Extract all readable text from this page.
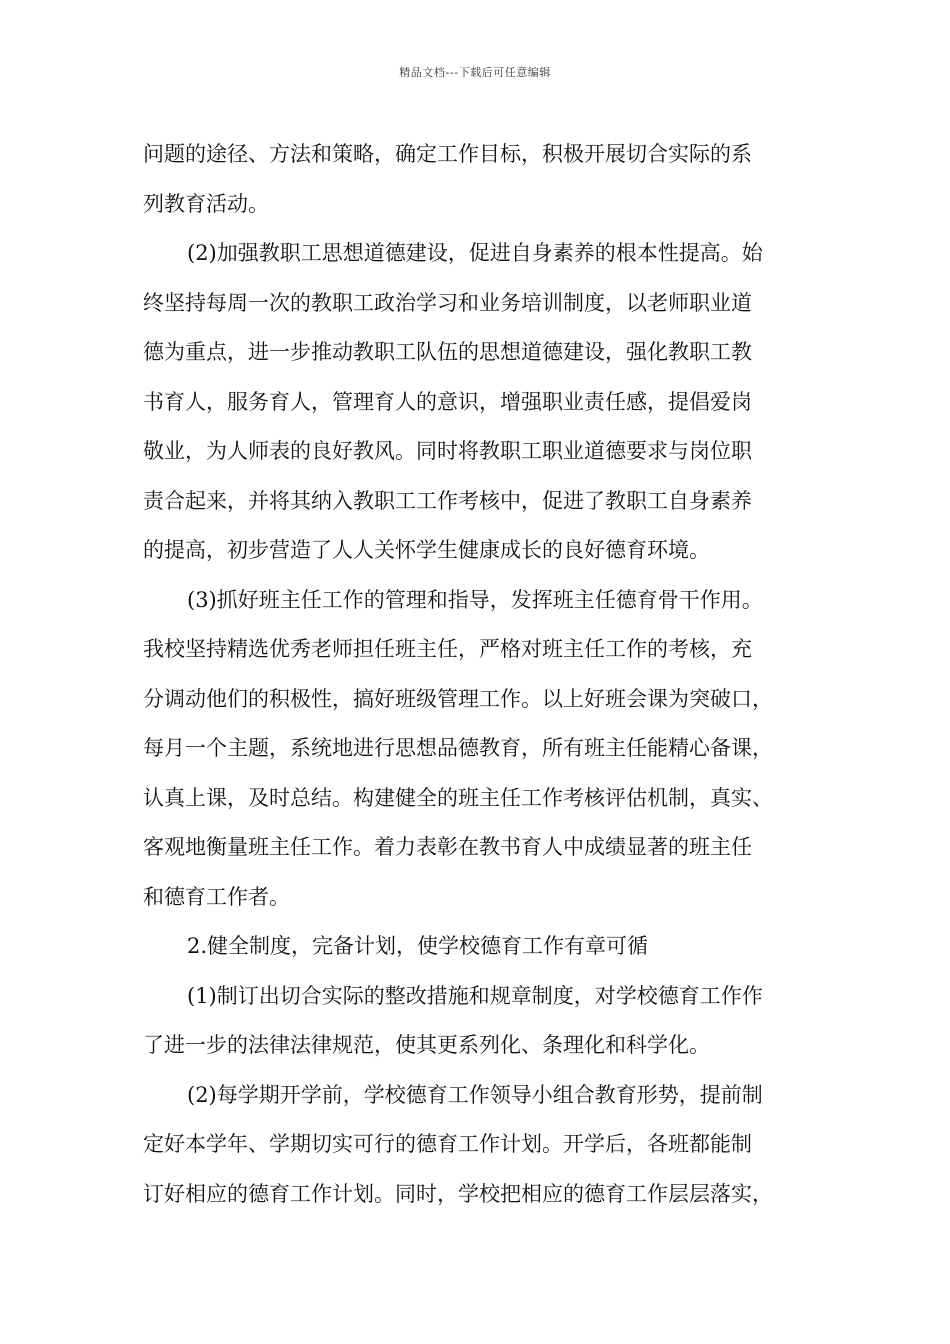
精品文档---下载后可任意编辑
问题的途径、方法和策略，确定工作目标，积极开展切合实际的系
列教育活动。
(2)加强教职工思想道德建设，促进自身素养的根本性提高。始
终坚持每周一次的教职工政治学习和业务培训制度，以老师职业道
德为重点，进一步推动教职工队伍的思想道德建设，强化教职工教
书育人，服务育人，管理育人的意识，增强职业责任感，提倡爱岗
敬业，为人师表的良好教风。同时将教职工职业道德要求与岗位职
责合起来，并将其纳入教职工工作考核中，促进了教职工自身素养
的提高，初步营造了人人关怀学生健康成长的良好德育环境。
(3)抓好班主任工作的管理和指导，发挥班主任德育骨干作用。
我校坚持精选优秀老师担任班主任，严格对班主任工作的考核，充
分调动他们的积极性，搞好班级管理工作。以上好班会课为突破口，
每月一个主题，系统地进行思想品德教育，所有班主任能精心备课，
认真上课，及时总结。构建健全的班主任工作考核评估机制，真实、
客观地衡量班主任工作。着力表彰在教书育人中成绩显著的班主任
和德育工作者。
2.健全制度，完备计划，使学校德育工作有章可循
(1)制订出切合实际的整改措施和规章制度，对学校德育工作作
了进一步的法律法律规范，使其更系列化、条理化和科学化。
(2)每学期开学前，学校德育工作领导小组合教育形势，提前制
定好本学年、学期切实可行的德育工作计划。开学后，各班都能制
订好相应的德育工作计划。同时，学校把相应的德育工作层层落实，
